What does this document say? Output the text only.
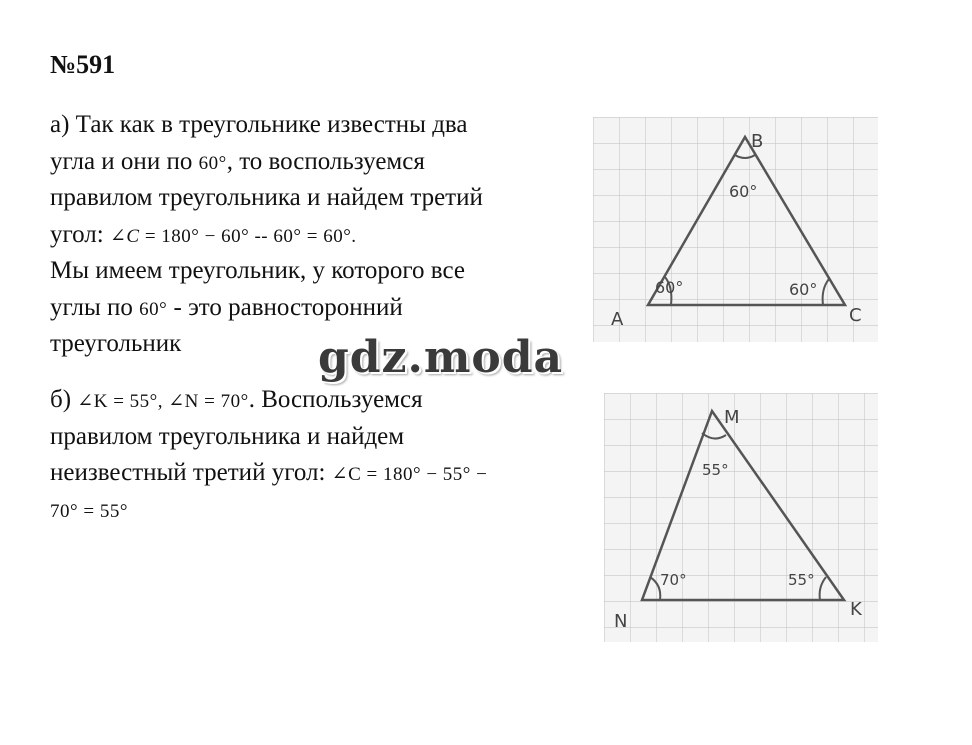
№591
а) Так как в треугольнике известны два
угла и они по 60°, то воспользуемся
правилом треугольника и найдем третий
угол: ∠C = 180° − 60° -- 60° = 60°.
Мы имеем треугольник, у которого все
углы по 60° - это равносторонний
треугольник
б) ∠K = 55°, ∠N = 70°. Воспользуемся
правилом треугольника и найдем
неизвестный третий угол: ∠C = 180° − 55° −
70° = 55°
gdz.moda
B
A	C
60°
60°	60°
M
N
K
55°
70°	55°
